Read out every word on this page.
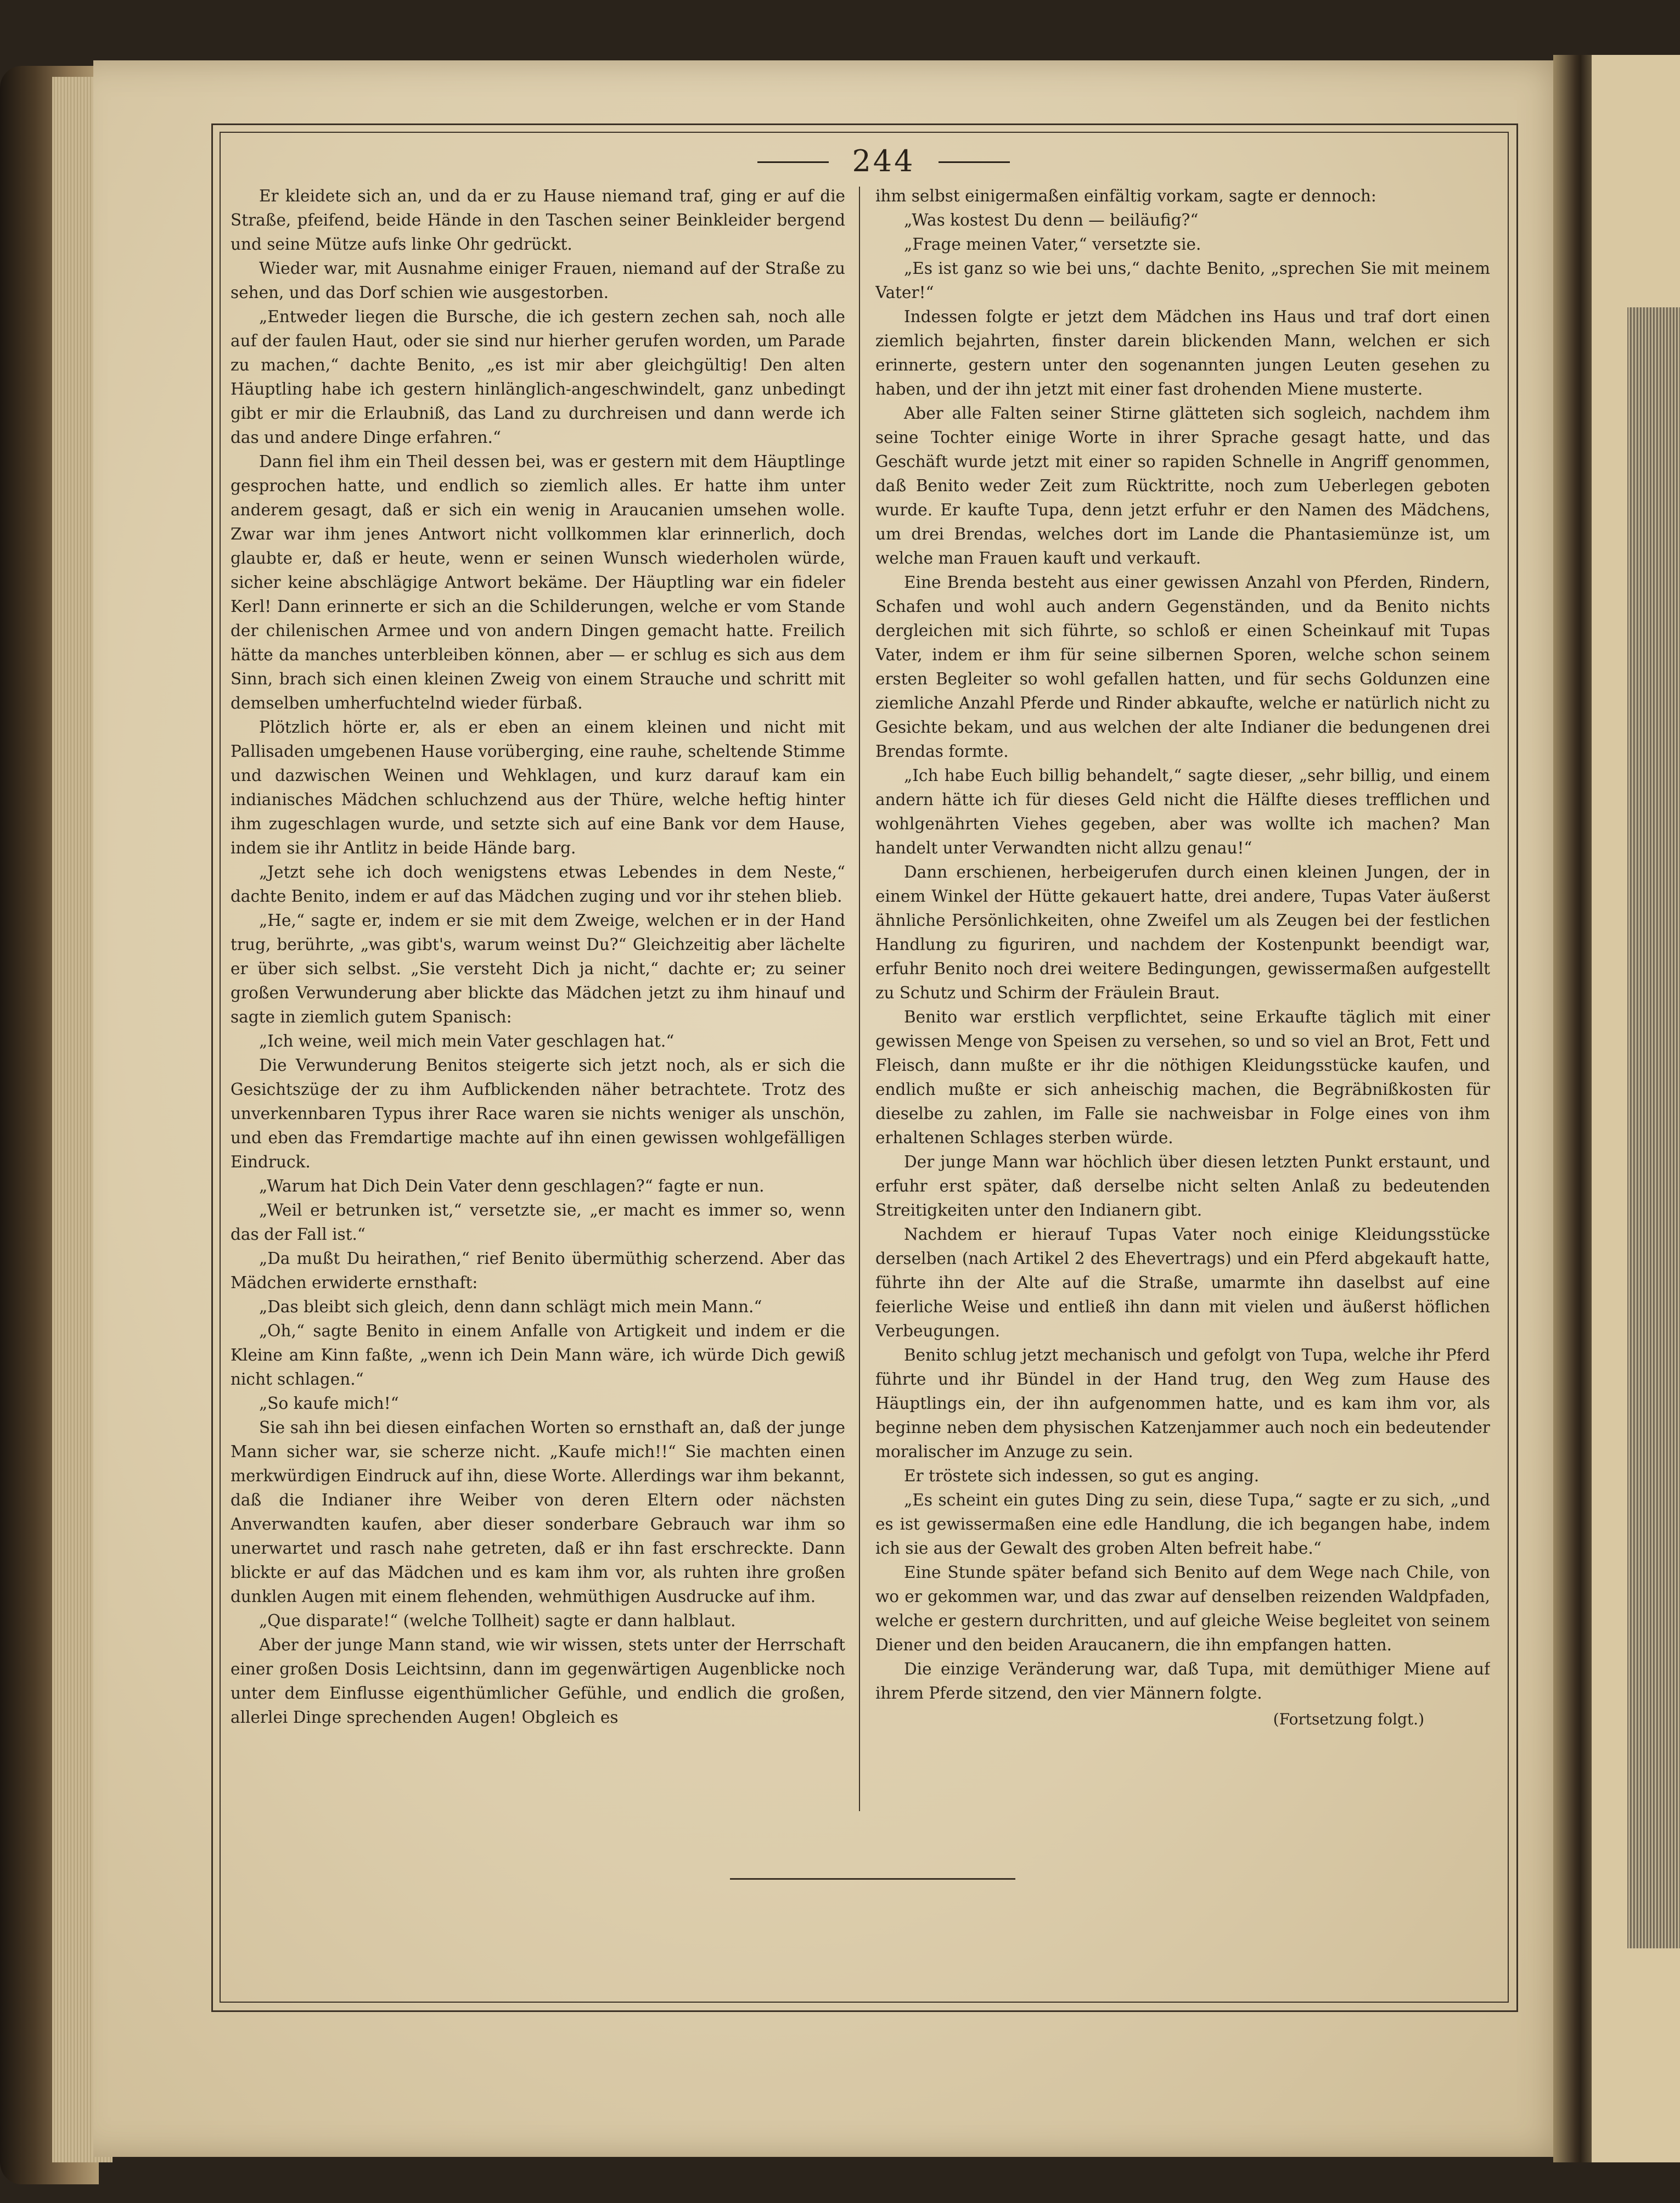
244

Er kleidete sich an, und da er zu Hause niemand traf, ging er auf die Straße, pfeifend, beide Hände in den Taschen seiner Beinkleider bergend und seine Mütze aufs linke Ohr gedrückt.

Wieder war, mit Ausnahme einiger Frauen, niemand auf der Straße zu sehen, und das Dorf schien wie ausgestorben.

„Entweder liegen die Bursche, die ich gestern zechen sah, noch alle auf der faulen Haut, oder sie sind nur hierher gerufen worden, um Parade zu machen,“ dachte Benito, „es ist mir aber gleichgültig! Den alten Häuptling habe ich gestern hinlänglich-angeschwindelt, ganz unbedingt gibt er mir die Erlaubniß, das Land zu durchreisen und dann werde ich das und andere Dinge erfahren.“

Dann fiel ihm ein Theil dessen bei, was er gestern mit dem Häuptlinge gesprochen hatte, und endlich so ziemlich alles. Er hatte ihm unter anderem gesagt, daß er sich ein wenig in Araucanien umsehen wolle. Zwar war ihm jenes Antwort nicht vollkommen klar erinnerlich, doch glaubte er, daß er heute, wenn er seinen Wunsch wiederholen würde, sicher keine abschlägige Antwort bekäme. Der Häuptling war ein fideler Kerl! Dann erinnerte er sich an die Schilderungen, welche er vom Stande der chilenischen Armee und von andern Dingen gemacht hatte. Freilich hätte da manches unterbleiben können, aber — er schlug es sich aus dem Sinn, brach sich einen kleinen Zweig von einem Strauche und schritt mit demselben umherfuchtelnd wieder fürbaß.

Plötzlich hörte er, als er eben an einem kleinen und nicht mit Pallisaden umgebenen Hause vorüberging, eine rauhe, scheltende Stimme und dazwischen Weinen und Wehklagen, und kurz darauf kam ein indianisches Mädchen schluchzend aus der Thüre, welche heftig hinter ihm zugeschlagen wurde, und setzte sich auf eine Bank vor dem Hause, indem sie ihr Antlitz in beide Hände barg.

„Jetzt sehe ich doch wenigstens etwas Lebendes in dem Neste,“ dachte Benito, indem er auf das Mädchen zuging und vor ihr stehen blieb.

„He,“ sagte er, indem er sie mit dem Zweige, welchen er in der Hand trug, berührte, „was gibt's, warum weinst Du?“ Gleichzeitig aber lächelte er über sich selbst. „Sie versteht Dich ja nicht,“ dachte er; zu seiner großen Verwunderung aber blickte das Mädchen jetzt zu ihm hinauf und sagte in ziemlich gutem Spanisch:

„Ich weine, weil mich mein Vater geschlagen hat.“

Die Verwunderung Benitos steigerte sich jetzt noch, als er sich die Gesichtszüge der zu ihm Aufblickenden näher betrachtete. Trotz des unverkennbaren Typus ihrer Race waren sie nichts weniger als unschön, und eben das Fremdartige machte auf ihn einen gewissen wohlgefälligen Eindruck.

„Warum hat Dich Dein Vater denn geschlagen?“ fagte er nun.

„Weil er betrunken ist,“ versetzte sie, „er macht es immer so, wenn das der Fall ist.“

„Da mußt Du heirathen,“ rief Benito übermüthig scherzend. Aber das Mädchen erwiderte ernsthaft:

„Das bleibt sich gleich, denn dann schlägt mich mein Mann.“

„Oh,“ sagte Benito in einem Anfalle von Artigkeit und indem er die Kleine am Kinn faßte, „wenn ich Dein Mann wäre, ich würde Dich gewiß nicht schlagen.“

„So kaufe mich!“

Sie sah ihn bei diesen einfachen Worten so ernsthaft an, daß der junge Mann sicher war, sie scherze nicht. „Kaufe mich!!“ Sie machten einen merkwürdigen Eindruck auf ihn, diese Worte. Allerdings war ihm bekannt, daß die Indianer ihre Weiber von deren Eltern oder nächsten Anverwandten kaufen, aber dieser sonderbare Gebrauch war ihm so unerwartet und rasch nahe getreten, daß er ihn fast erschreckte. Dann blickte er auf das Mädchen und es kam ihm vor, als ruhten ihre großen dunklen Augen mit einem flehenden, wehmüthigen Ausdrucke auf ihm.

„Que disparate!“ (welche Tollheit) sagte er dann halblaut.

Aber der junge Mann stand, wie wir wissen, stets unter der Herrschaft einer großen Dosis Leichtsinn, dann im gegenwärtigen Augenblicke noch unter dem Einflusse eigenthümlicher Gefühle, und endlich die großen, allerlei Dinge sprechenden Augen! Obgleich es

ihm selbst einigermaßen einfältig vorkam, sagte er dennoch:

„Was kostest Du denn — beiläufig?“

„Frage meinen Vater,“ versetzte sie.

„Es ist ganz so wie bei uns,“ dachte Benito, „sprechen Sie mit meinem Vater!“

Indessen folgte er jetzt dem Mädchen ins Haus und traf dort einen ziemlich bejahrten, finster darein blickenden Mann, welchen er sich erinnerte, gestern unter den sogenannten jungen Leuten gesehen zu haben, und der ihn jetzt mit einer fast drohenden Miene musterte.

Aber alle Falten seiner Stirne glätteten sich sogleich, nachdem ihm seine Tochter einige Worte in ihrer Sprache gesagt hatte, und das Geschäft wurde jetzt mit einer so rapiden Schnelle in Angriff genommen, daß Benito weder Zeit zum Rücktritte, noch zum Ueberlegen geboten wurde. Er kaufte Tupa, denn jetzt erfuhr er den Namen des Mädchens, um drei Brendas, welches dort im Lande die Phantasiemünze ist, um welche man Frauen kauft und verkauft.

Eine Brenda besteht aus einer gewissen Anzahl von Pferden, Rindern, Schafen und wohl auch andern Gegenständen, und da Benito nichts dergleichen mit sich führte, so schloß er einen Scheinkauf mit Tupas Vater, indem er ihm für seine silbernen Sporen, welche schon seinem ersten Begleiter so wohl gefallen hatten, und für sechs Goldunzen eine ziemliche Anzahl Pferde und Rinder abkaufte, welche er natürlich nicht zu Gesichte bekam, und aus welchen der alte Indianer die bedungenen drei Brendas formte.

„Ich habe Euch billig behandelt,“ sagte dieser, „sehr billig, und einem andern hätte ich für dieses Geld nicht die Hälfte dieses trefflichen und wohlgenährten Viehes gegeben, aber was wollte ich machen? Man handelt unter Verwandten nicht allzu genau!“

Dann erschienen, herbeigerufen durch einen kleinen Jungen, der in einem Winkel der Hütte gekauert hatte, drei andere, Tupas Vater äußerst ähnliche Persönlichkeiten, ohne Zweifel um als Zeugen bei der festlichen Handlung zu figuriren, und nachdem der Kostenpunkt beendigt war, erfuhr Benito noch drei weitere Bedingungen, gewissermaßen aufgestellt zu Schutz und Schirm der Fräulein Braut.

Benito war erstlich verpflichtet, seine Erkaufte täglich mit einer gewissen Menge von Speisen zu versehen, so und so viel an Brot, Fett und Fleisch, dann mußte er ihr die nöthigen Kleidungsstücke kaufen, und endlich mußte er sich anheischig machen, die Begräbnißkosten für dieselbe zu zahlen, im Falle sie nachweisbar in Folge eines von ihm erhaltenen Schlages sterben würde.

Der junge Mann war höchlich über diesen letzten Punkt erstaunt, und erfuhr erst später, daß derselbe nicht selten Anlaß zu bedeutenden Streitigkeiten unter den Indianern gibt.

Nachdem er hierauf Tupas Vater noch einige Kleidungsstücke derselben (nach Artikel 2 des Ehevertrags) und ein Pferd abgekauft hatte, führte ihn der Alte auf die Straße, umarmte ihn daselbst auf eine feierliche Weise und entließ ihn dann mit vielen und äußerst höflichen Verbeugungen.

Benito schlug jetzt mechanisch und gefolgt von Tupa, welche ihr Pferd führte und ihr Bündel in der Hand trug, den Weg zum Hause des Häuptlings ein, der ihn aufgenommen hatte, und es kam ihm vor, als beginne neben dem physischen Katzenjammer auch noch ein bedeutender moralischer im Anzuge zu sein.

Er tröstete sich indessen, so gut es anging.

„Es scheint ein gutes Ding zu sein, diese Tupa,“ sagte er zu sich, „und es ist gewissermaßen eine edle Handlung, die ich begangen habe, indem ich sie aus der Gewalt des groben Alten befreit habe.“

Eine Stunde später befand sich Benito auf dem Wege nach Chile, von wo er gekommen war, und das zwar auf denselben reizenden Waldpfaden, welche er gestern durchritten, und auf gleiche Weise begleitet von seinem Diener und den beiden Araucanern, die ihn empfangen hatten.

Die einzige Veränderung war, daß Tupa, mit demüthiger Miene auf ihrem Pferde sitzend, den vier Männern folgte.

(Fortsetzung folgt.)
